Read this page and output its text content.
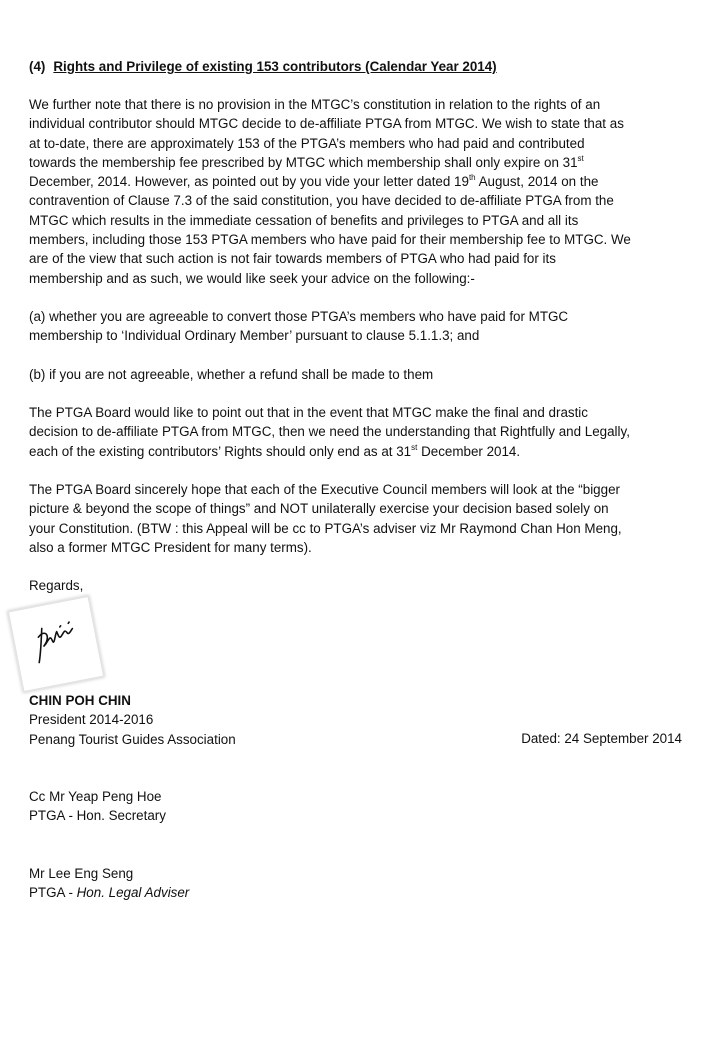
(4) Rights and Privilege of existing 153 contributors (Calendar Year 2014)

We further note that there is no provision in the MTGC’s constitution in relation to the rights of an
individual contributor should MTGC decide to de-affiliate PTGA from MTGC. We wish to state that as
at to-date, there are approximately 153 of the PTGA’s members who had paid and contributed
towards the membership fee prescribed by MTGC which membership shall only expire on 31st
December, 2014. However, as pointed out by you vide your letter dated 19th August, 2014 on the
contravention of Clause 7.3 of the said constitution, you have decided to de-affiliate PTGA from the
MTGC which results in the immediate cessation of benefits and privileges to PTGA and all its
members, including those 153 PTGA members who have paid for their membership fee to MTGC. We
are of the view that such action is not fair towards members of PTGA who had paid for its
membership and as such, we would like seek your advice on the following:-
(a) whether you are agreeable to convert those PTGA’s members who have paid for MTGC
membership to ‘Individual Ordinary Member’ pursuant to clause 5.1.1.3; and
(b) if you are not agreeable, whether a refund shall be made to them
The PTGA Board would like to point out that in the event that MTGC make the final and drastic
decision to de-affiliate PTGA from MTGC, then we need the understanding that Rightfully and Legally,
each of the existing contributors’ Rights should only end as at 31st December 2014.
The PTGA Board sincerely hope that each of the Executive Council members will look at the “bigger
picture & beyond the scope of things” and NOT unilaterally exercise your decision based solely on
your Constitution. (BTW : this Appeal will be cc to PTGA’s adviser viz Mr Raymond Chan Hon Meng,
also a former MTGC President for many terms).

Regards,

CHIN POH CHIN
President 2014-2016
Penang Tourist Guides Association	Dated: 24 September 2014
Cc Mr Yeap Peng Hoe
PTGA - Hon. Secretary
Mr Lee Eng Seng
PTGA - Hon. Legal Adviser
